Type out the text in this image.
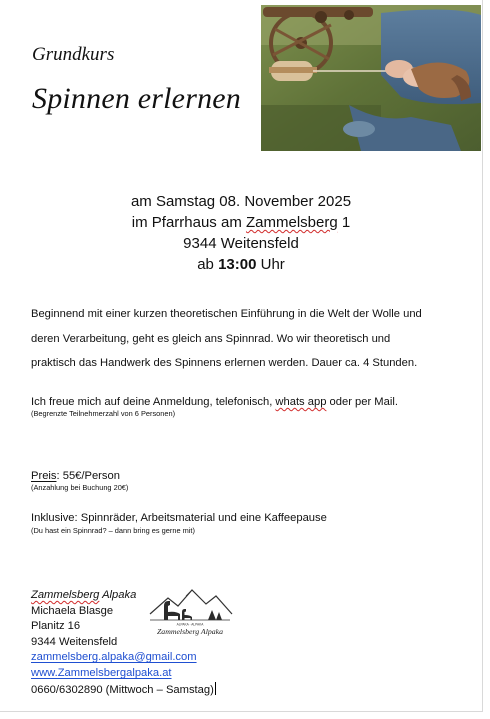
Grundkurs
Spinnen erlernen
am Samstag 08. November 2025
im Pfarrhaus am Zammelsberg 1
9344 Weitensfeld
ab 13:00 Uhr
Beginnend mit einer kurzen theoretischen Einführung in die Welt der Wolle und
deren Verarbeitung, geht es gleich ans Spinnrad. Wo wir theoretisch und
praktisch das Handwerk des Spinnens erlernen werden. Dauer ca. 4 Stunden.
Ich freue mich auf deine Anmeldung, telefonisch, whats app oder per Mail.
(Begrenzte Teilnehmerzahl von 6 Personen)
Preis: 55€/Person
(Anzahlung bei Buchung 20€)
Inklusive: Spinnräder, Arbeitsmaterial und eine Kaffeepause
(Du hast ein Spinnrad? – dann bring es gerne mit)
Zammelsberg Alpaka
Michaela Blasge
Planitz 16
9344 Weitensfeld
zammelsberg.alpaka@gmail.com
www.Zammelsbergalpaka.at
0660/6302890 (Mittwoch – Samstag)
ALPAKA · ALPAKA
Zammelsberg Alpaka
